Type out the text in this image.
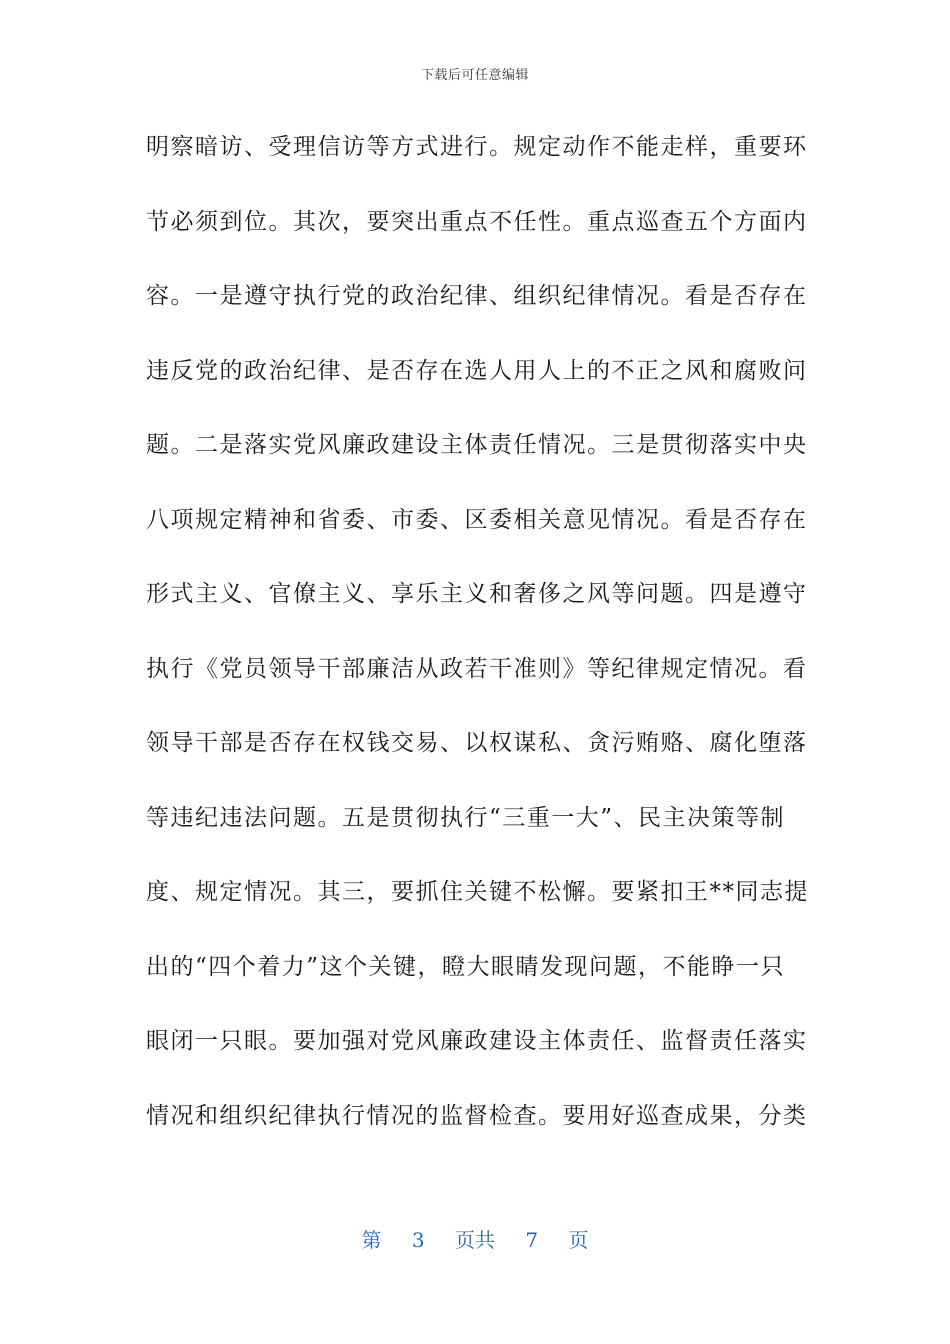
下载后可任意编辑
明察暗访、受理信访等方式进行。规定动作不能走样，重要环
节必须到位。其次，要突出重点不任性。重点巡查五个方面内
容。一是遵守执行党的政治纪律、组织纪律情况。看是否存在
违反党的政治纪律、是否存在选人用人上的不正之风和腐败问
题。二是落实党风廉政建设主体责任情况。三是贯彻落实中央
八项规定精神和省委、市委、区委相关意见情况。看是否存在
形式主义、官僚主义、享乐主义和奢侈之风等问题。四是遵守
执行《党员领导干部廉洁从政若干准则》等纪律规定情况。看
领导干部是否存在权钱交易、以权谋私、贪污贿赂、腐化堕落
等违纪违法问题。五是贯彻执行“三重一大”、民主决策等制
度、规定情况。其三，要抓住关键不松懈。要紧扣王**同志提
出的“四个着力”这个关键，瞪大眼睛发现问题，不能睁一只
眼闭一只眼。要加强对党风廉政建设主体责任、监督责任落实
情况和组织纪律执行情况的监督检查。要用好巡查成果，分类
第 3 页共 7 页
